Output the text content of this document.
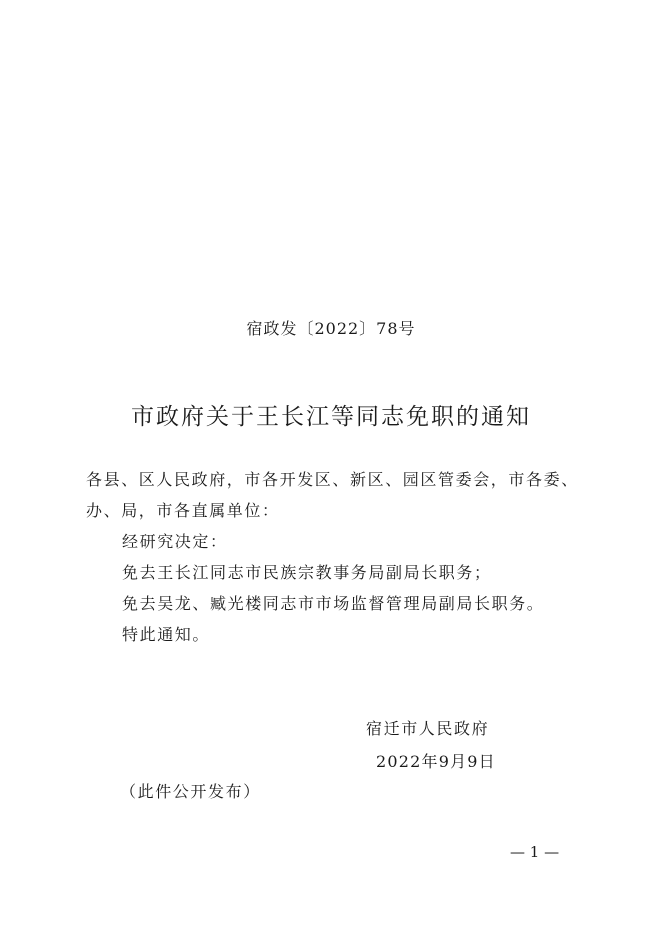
宿政发〔2022〕78号
市政府关于王长江等同志免职的通知

各县、区人民政府，市各开发区、新区、园区管委会，市各委、办、局，市各直属单位：

经研究决定：

免去王长江同志市民族宗教事务局副局长职务；

免去吴龙、臧光楼同志市市场监督管理局副局长职务。

特此通知。

宿迁市人民政府
2022年9月9日
（此件公开发布）
— 1 —
